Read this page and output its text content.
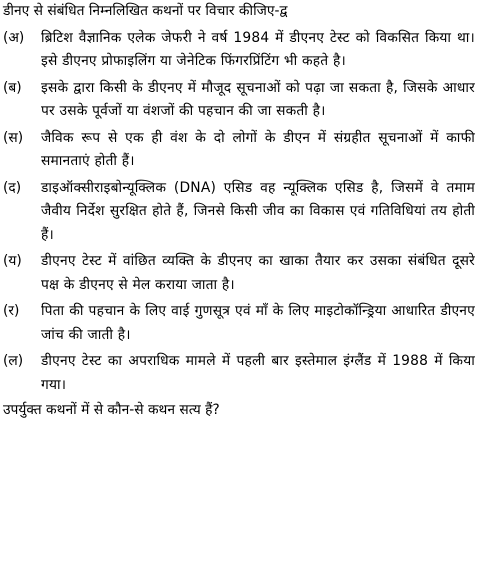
डीनए से संबंधित निम्नलिखित कथनों पर विचार कीजिए-द्व

(अ)	ब्रिटिश वैज्ञानिक एलेक जेफरी ने वर्ष 1984 में डीएनए टेस्ट को विकसित किया था। इसे डीएनए प्रोफाइलिंग या जेनेटिक फिंगरप्रिंटिंग भी कहते है।
(ब)	इसके द्वारा किसी के डीएनए में मौजूद सूचनाओं को पढ़ा जा सकता है, जिसके आधार पर उसके पूर्वजों या वंशजों की पहचान की जा सकती है।
(स)	जैविक रूप से एक ही वंश के दो लोगों के डीएन में संग्रहीत सूचनाओं में काफी समानताएं होती हैं।
(द)	डाइऑक्सीराइबोन्यूक्लिक (DNA) एसिड वह न्यूक्लिक एसिड है, जिसमें वे तमाम जैवीय निर्देश सुरक्षित होते हैं, जिनसे किसी जीव का विकास एवं गतिविधियां तय होती हैं।
(य)	डीएनए टेस्ट में वांछित व्यक्ति के डीएनए का खाका तैयार कर उसका संबंधित दूसरे पक्ष के डीएनए से मेल कराया जाता है।
(र)	पिता की पहचान के लिए वाई गुणसूत्र एवं माँ के लिए माइटोकॉन्ड्रिया आधारित डीएनए जांच की जाती है।
(ल)	डीएनए टेस्ट का अपराधिक मामले में पहली बार इस्तेमाल इंग्लैंड में 1988 में किया गया।

उपर्युक्त कथनों में से कौन-से कथन सत्य हैं?
